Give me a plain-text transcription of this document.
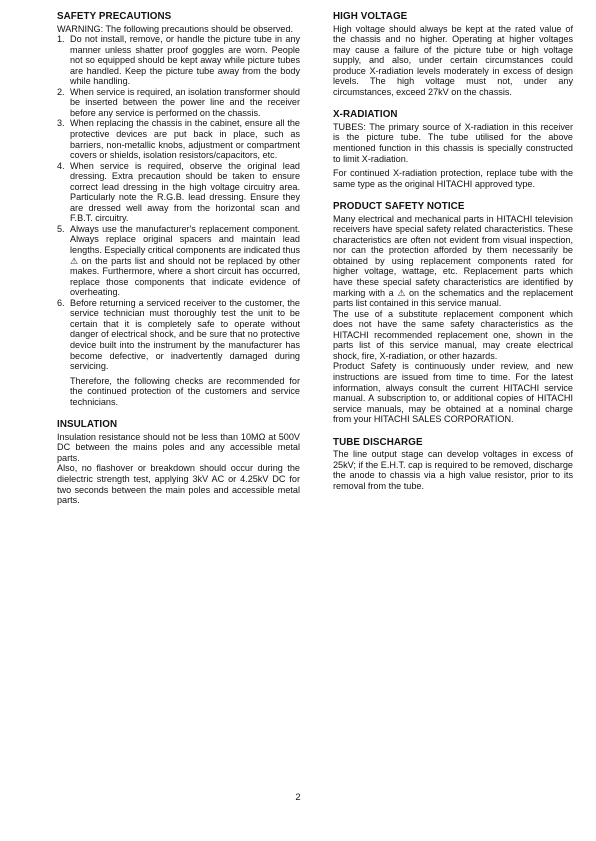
SAFETY PRECAUTIONS

WARNING: The following precautions should be observed.

1. Do not install, remove, or handle the picture tube in any manner unless shatter proof goggles are worn. People not so equipped should be kept away while picture tubes are handled. Keep the picture tube away from the body while handling.
2. When service is required, an isolation transformer should be inserted between the power line and the receiver before any service is performed on the chassis.
3. When replacing the chassis in the cabinet, ensure all the protective devices are put back in place, such as barriers, non-metallic knobs, adjustment or compartment covers or shields, isolation resistors/capacitors, etc.
4. When service is required, observe the original lead dressing. Extra precaution should be taken to ensure correct lead dressing in the high voltage circuitry area. Particularly note the R.G.B. lead dressing. Ensure they are dressed well away from the horizontal scan and F.B.T. circuitry.
5. Always use the manufacturer's replacement component. Always replace original spacers and maintain lead lengths. Especially critical components are indicated thus ⚠ on the parts list and should not be replaced by other makes. Furthermore, where a short circuit has occurred, replace those components that indicate evidence of overheating.
6. Before returning a serviced receiver to the customer, the service technician must thoroughly test the unit to be certain that it is completely safe to operate without danger of electrical shock, and be sure that no protective device built into the instrument by the manufacturer has become defective, or inadvertently damaged during servicing.

Therefore, the following checks are recommended for the continued protection of the customers and service technicians.

INSULATION

Insulation resistance should not be less than 10MΩ at 500V DC between the mains poles and any accessible metal parts.

Also, no flashover or breakdown should occur during the dielectric strength test, applying 3kV AC or 4.25kV DC for two seconds between the main poles and accessible metal parts.

HIGH VOLTAGE

High voltage should always be kept at the rated value of the chassis and no higher. Operating at higher voltages may cause a failure of the picture tube or high voltage supply, and also, under certain circumstances could produce X-radiation levels moderately in excess of design levels. The high voltage must not, under any circumstances, exceed 27kV on the chassis.

X-RADIATION

TUBES: The primary source of X-radiation in this receiver is the picture tube. The tube utilised for the above mentioned function in this chassis is specially constructed to limit X-radiation.

For continued X-radiation protection, replace tube with the same type as the original HITACHI approved type.

PRODUCT SAFETY NOTICE

Many electrical and mechanical parts in HITACHI television receivers have special safety related characteristics. These characteristics are often not evident from visual inspection, nor can the protection afforded by them necessarily be obtained by using replacement components rated for higher voltage, wattage, etc. Replacement parts which have these special safety characteristics are identified by marking with a ⚠ on the schematics and the replacement parts list contained in this service manual.

The use of a substitute replacement component which does not have the same safety characteristics as the HITACHI recommended replacement one, shown in the parts list of this service manual, may create electrical shock, fire, X-radiation, or other hazards.

Product Safety is continuously under review, and new instructions are issued from time to time. For the latest information, always consult the current HITACHI service manual. A subscription to, or additional copies of HITACHI service manuals, may be obtained at a nominal charge from your HITACHI SALES CORPORATION.

TUBE DISCHARGE

The line output stage can develop voltages in excess of 25kV; if the E.H.T. cap is required to be removed, discharge the anode to chassis via a high value resistor, prior to its removal from the tube.

2
